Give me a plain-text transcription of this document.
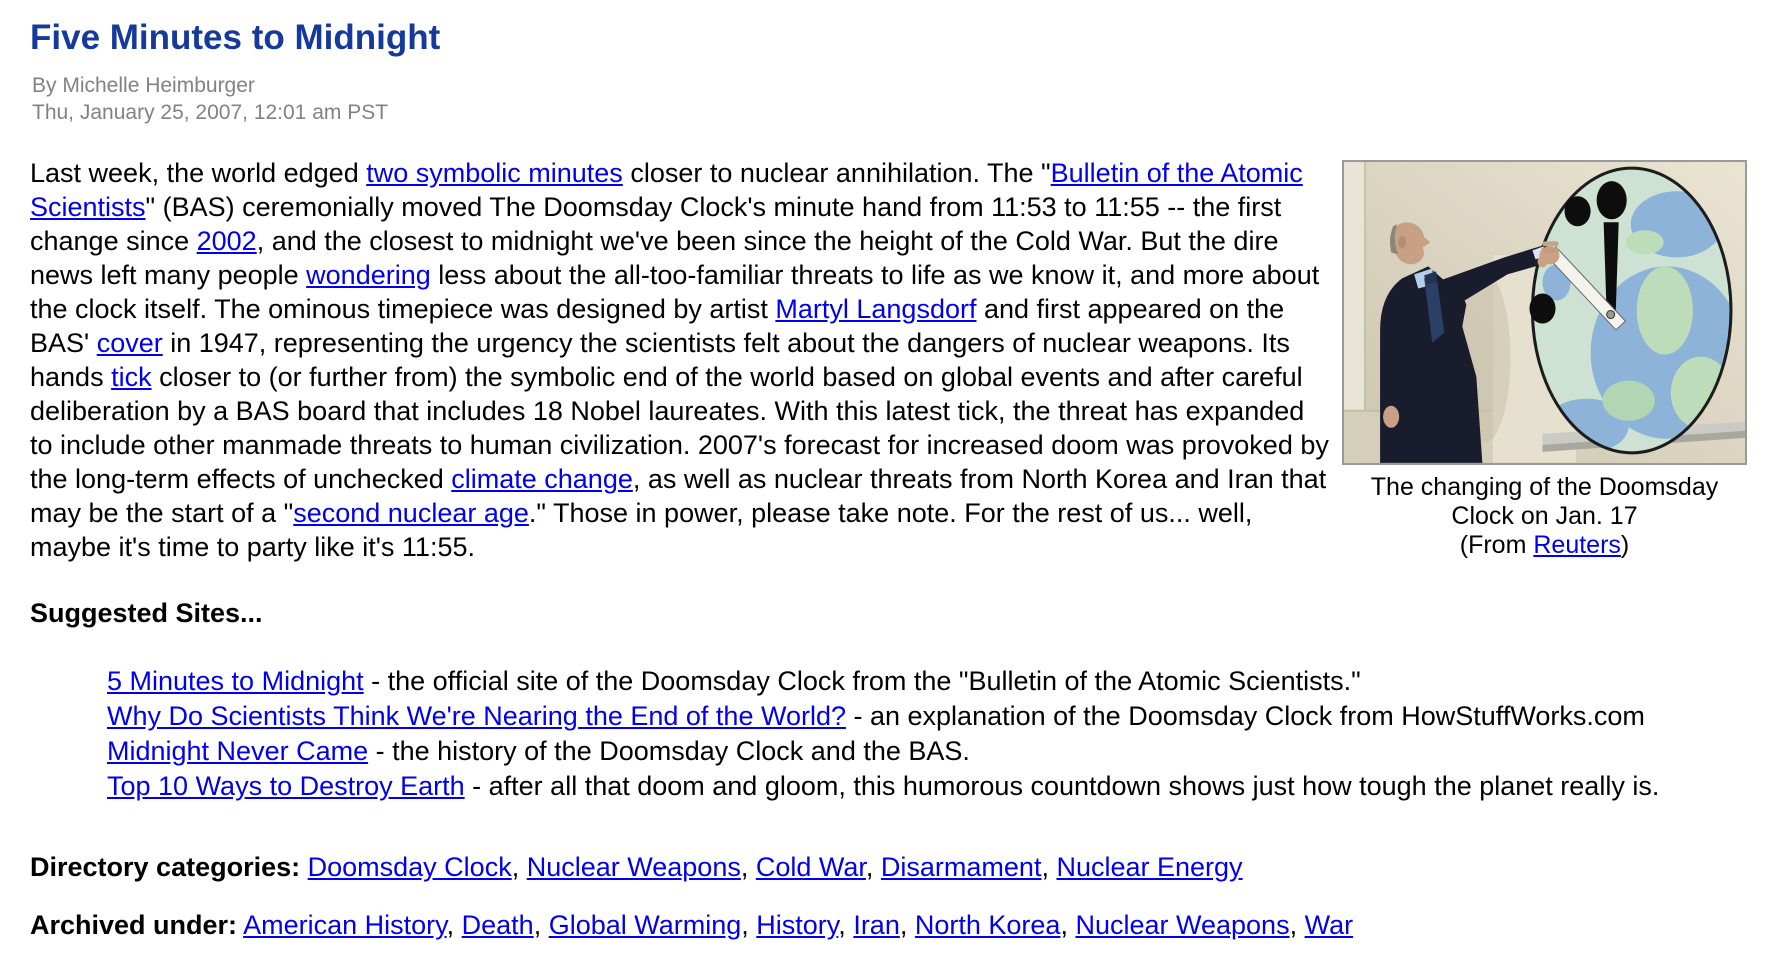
Five Minutes to Midnight
By Michelle Heimburger
Thu, January 25, 2007, 12:01 am PST
The changing of the Doomsday
Clock on Jan. 17
(From Reuters)

Last week, the world edged two symbolic minutes closer to nuclear annihilation. The "Bulletin of the Atomic Scientists" (BAS) ceremonially moved The Doomsday Clock's minute hand from 11:53 to 11:55 -- the first change since 2002, and the closest to midnight we've been since the height of the Cold War. But the dire news left many people wondering less about the all-too-familiar threats to life as we know it, and more about the clock itself. The ominous timepiece was designed by artist Martyl Langsdorf and first appeared on the BAS' cover in 1947, representing the urgency the scientists felt about the dangers of nuclear weapons. Its hands tick closer to (or further from) the symbolic end of the world based on global events and after careful deliberation by a BAS board that includes 18 Nobel laureates. With this latest tick, the threat has expanded to include other manmade threats to human civilization. 2007's forecast for increased doom was provoked by the long-term effects of unchecked climate change, as well as nuclear threats from North Korea and Iran that may be the start of a "second nuclear age." Those in power, please take note. For the rest of us... well, maybe it's time to party like it's 11:55.

Suggested Sites...
5 Minutes to Midnight - the official site of the Doomsday Clock from the "Bulletin of the Atomic Scientists."
Why Do Scientists Think We're Nearing the End of the World? - an explanation of the Doomsday Clock from HowStuffWorks.com
Midnight Never Came - the history of the Doomsday Clock and the BAS.
Top 10 Ways to Destroy Earth - after all that doom and gloom, this humorous countdown shows just how tough the planet really is.
Directory categories: Doomsday Clock, Nuclear Weapons, Cold War, Disarmament, Nuclear Energy
Archived under: American History, Death, Global Warming, History, Iran, North Korea, Nuclear Weapons, War
